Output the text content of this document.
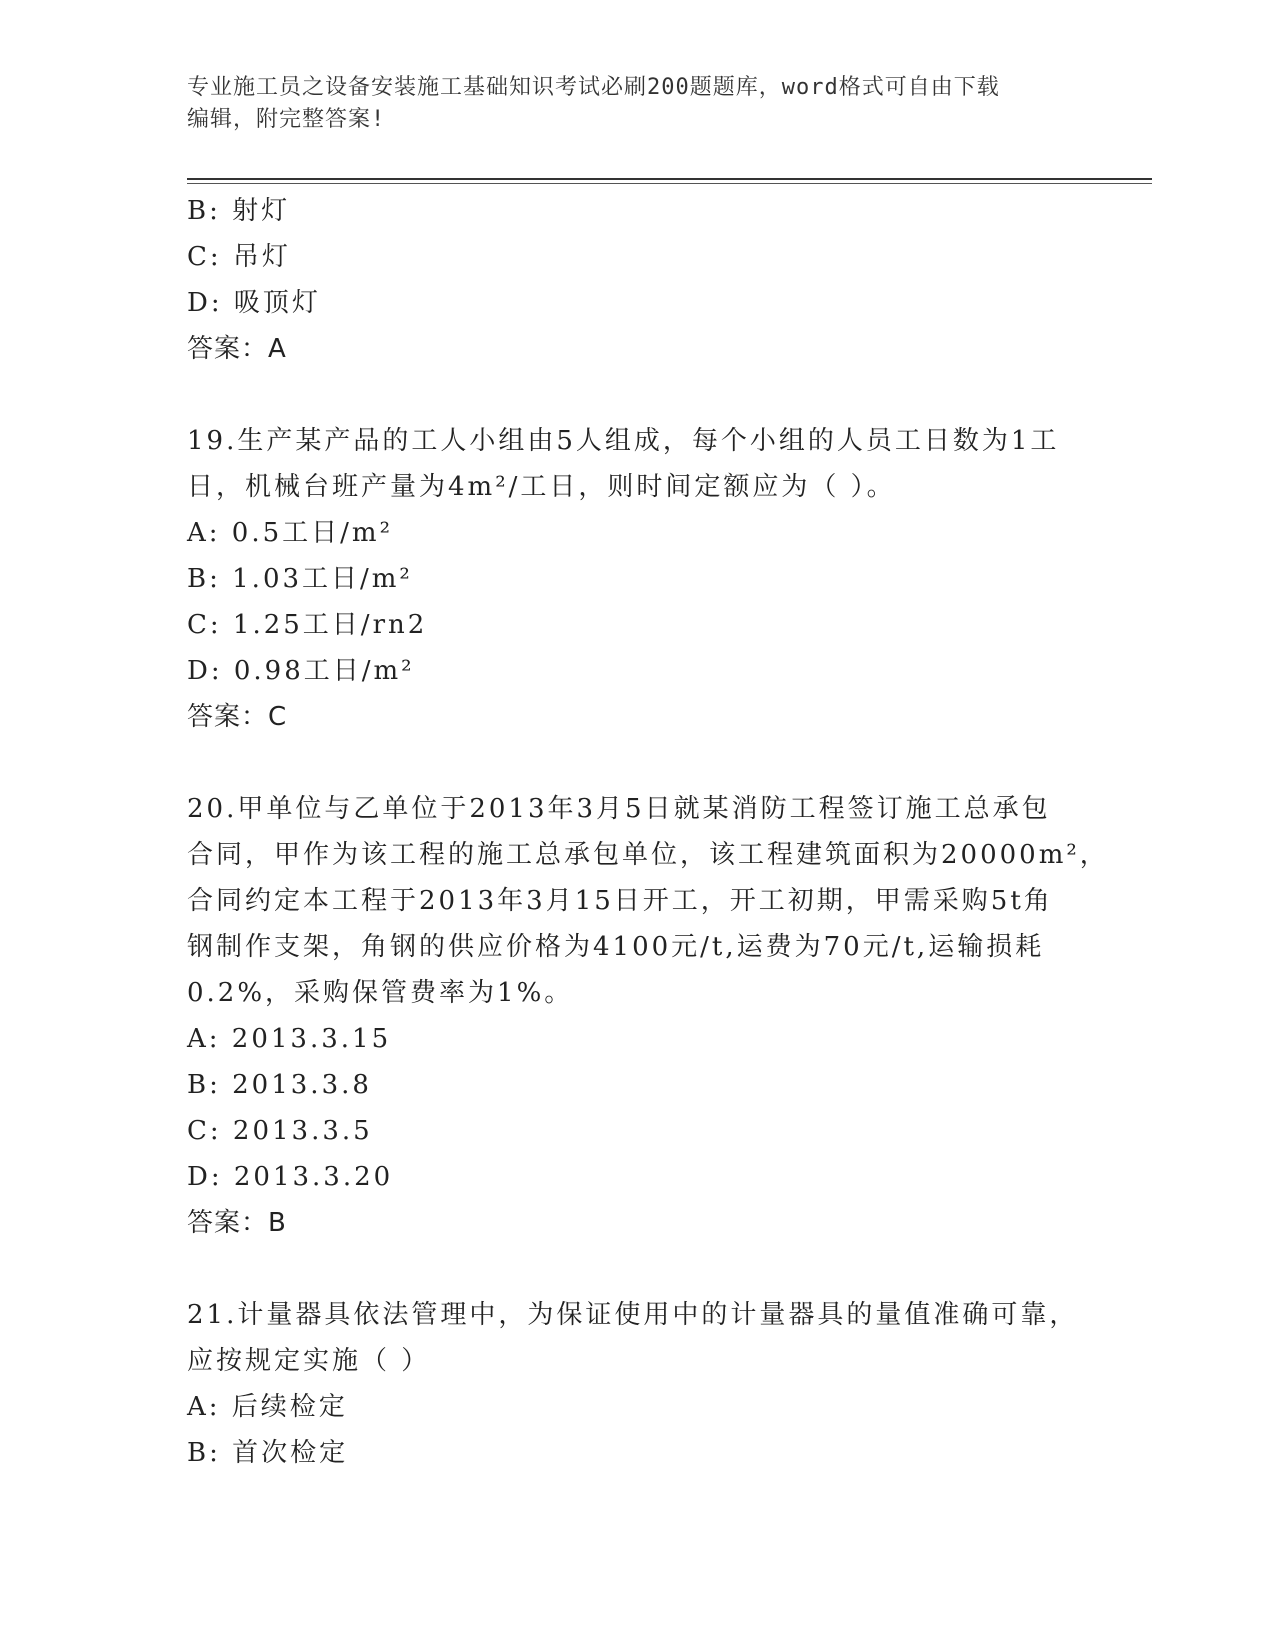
专业施工员之设备安装施工基础知识考试必刷200题题库，word格式可自由下载
编辑，附完整答案!
B: 射灯
C: 吊灯
D: 吸顶灯
答案：A
19.生产某产品的工人小组由5人组成，每个小组的人员工日数为1工
日，机械台班产量为4m²/工日，则时间定额应为（ ）。
A: 0.5工日/m²
B: 1.03工日/m²
C: 1.25工日/rn2
D: 0.98工日/m²
答案：C
20.甲单位与乙单位于2013年3月5日就某消防工程签订施工总承包
合同，甲作为该工程的施工总承包单位，该工程建筑面积为20000m²，
合同约定本工程于2013年3月15日开工，开工初期，甲需采购5t角
钢制作支架，角钢的供应价格为4100元/t,运费为70元/t,运输损耗
0.2%，采购保管费率为1%。
A: 2013.3.15
B: 2013.3.8
C: 2013.3.5
D: 2013.3.20
答案：B
21.计量器具依法管理中，为保证使用中的计量器具的量值准确可靠，
应按规定实施（ ）
A: 后续检定
B: 首次检定
